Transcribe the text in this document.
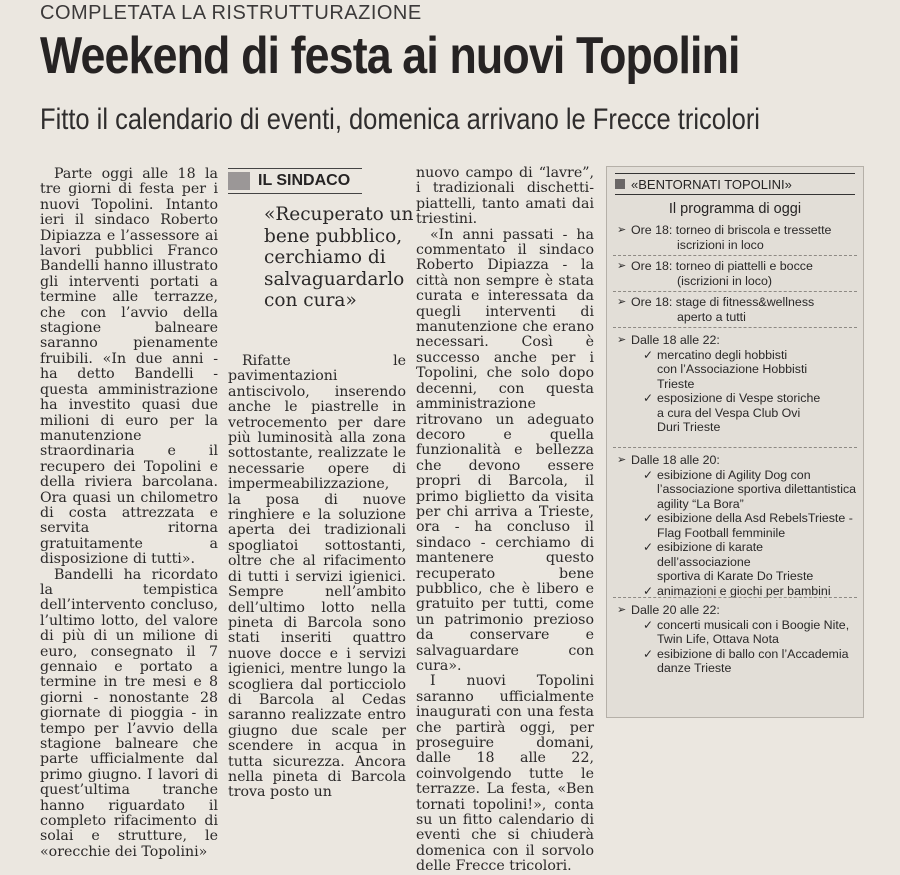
COMPLETATA LA RISTRUTTURAZIONE
Weekend di festa ai nuovi Topolini
Fitto il calendario di eventi, domenica arrivano le Frecce tricolori

Parte oggi alle 18 la tre giorni di festa per i nuovi Topolini. Intanto ieri il sindaco Roberto Dipiazza e l’assessore ai lavori pubblici Franco Bandelli hanno illustrato gli interventi portati a termine alle terrazze, che con l’avvio della stagione balneare saranno pienamente fruibili. «In due anni - ha detto Bandelli - questa amministrazione ha investito quasi due milioni di euro per la manutenzione straordinaria e il recupero dei Topolini e della riviera barcolana. Ora quasi un chilometro di costa attrezzata e servita ritorna gratuitamente a disposizione di tutti».

Bandelli ha ricordato la tempistica dell’intervento concluso, l’ultimo lotto, del valore di più di un milione di euro, consegnato il 7 gennaio e portato a termine in tre mesi e 8 giorni - nonostante 28 giornate di pioggia - in tempo per l’avvio della stagione balneare che parte ufficialmente dal primo giugno. I lavori di quest’ultima tranche hanno riguardato il completo rifacimento di solai e strutture, le «orecchie dei Topolini»

IL SINDACO
«Recuperato un bene pubblico, cerchiamo di salvaguardarlo con cura»

Rifatte le pavimentazioni antiscivolo, inserendo anche le piastrelle in vetrocemento per dare più luminosità alla zona sottostante, realizzate le necessarie opere di impermeabilizzazione, la posa di nuove ringhiere e la soluzione aperta dei tradizionali spogliatoi sottostanti, oltre che al rifacimento di tutti i servizi igienici. Sempre nell’ambito dell’ultimo lotto nella pineta di Barcola sono stati inseriti quattro nuove docce e i servizi igienici, mentre lungo la scogliera dal porticciolo di Barcola al Cedas saranno realizzate entro giugno due scale per scendere in acqua in tutta sicurezza. Ancora nella pineta di Barcola trova posto un

nuovo campo di “lavre”, i tradizionali dischetti-piattelli, tanto amati dai triestini.

«In anni passati - ha commentato il sindaco Roberto Dipiazza - la città non sempre è stata curata e interessata da quegli interventi di manutenzione che erano necessari. Così è successo anche per i Topolini, che solo dopo decenni, con questa amministrazione ritrovano un adeguato decoro e quella funzionalità e bellezza che devono essere propri di Barcola, il primo biglietto da visita per chi arriva a Trieste, ora - ha concluso il sindaco - cerchiamo di mantenere questo recuperato bene pubblico, che è libero e gratuito per tutti, come un patrimonio prezioso da conservare e salvaguardare con cura».

I nuovi Topolini saranno ufficialmente inaugurati con una festa che partirà oggi, per proseguire domani, dalle 18 alle 22, coinvolgendo tutte le terrazze. La festa, «Ben tornati topolini!», conta su un fitto calendario di eventi che si chiuderà domenica con il sorvolo delle Frecce tricolori.

«BENTORNATI TOPOLINI»
Il programma di oggi
➢ Ore 18: torneo di briscola e tressette
iscrizioni in loco
➢ Ore 18: torneo di piattelli e bocce
(iscrizioni in loco)
➢ Ore 18: stage di fitness&wellness
aperto a tutti
➢ Dalle 18 alle 22:
✓ mercatino degli hobbisti
con l’Associazione Hobbisti
Trieste
✓ esposizione di Vespe storiche
a cura del Vespa Club Ovi
Duri Trieste
➢ Dalle 18 alle 20:
✓ esibizione di Agility Dog con
l’associazione sportiva dilettantistica
agility “La Bora”
✓ esibizione della Asd RebelsTrieste -
Flag Football femminile
✓ esibizione di karate dell’associazione
sportiva di Karate Do Trieste
✓ animazioni e giochi per bambini
➢ Dalle 20 alle 22:
✓ concerti musicali con i Boogie Nite,
Twin Life, Ottava Nota
✓ esibizione di ballo con l’Accademia
danze Trieste
